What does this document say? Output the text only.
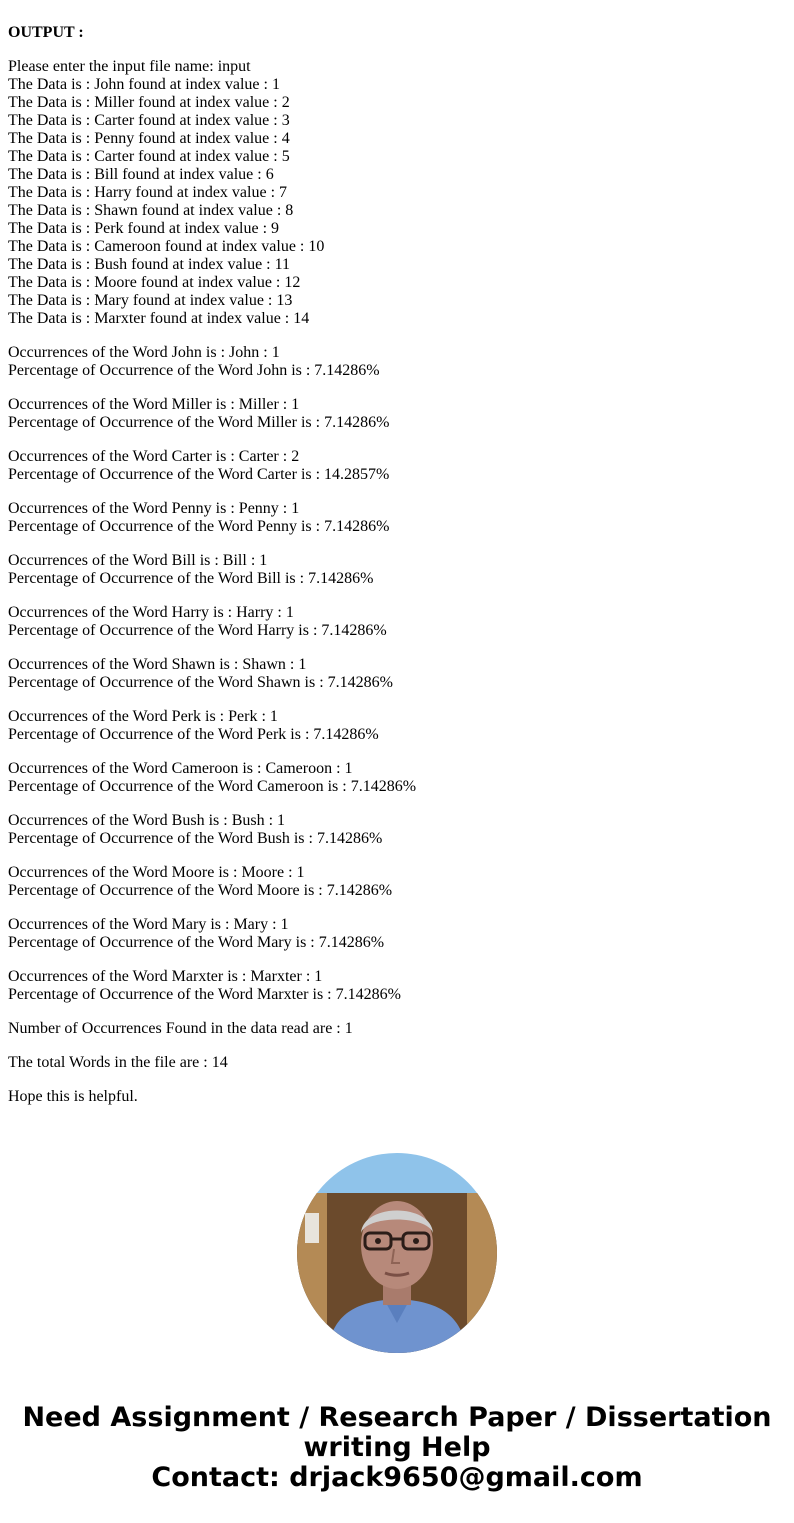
OUTPUT :
Please enter the input file name: input
The Data is : John found at index value : 1
The Data is : Miller found at index value : 2
The Data is : Carter found at index value : 3
The Data is : Penny found at index value : 4
The Data is : Carter found at index value : 5
The Data is : Bill found at index value : 6
The Data is : Harry found at index value : 7
The Data is : Shawn found at index value : 8
The Data is : Perk found at index value : 9
The Data is : Cameroon found at index value : 10
The Data is : Bush found at index value : 11
The Data is : Moore found at index value : 12
The Data is : Mary found at index value : 13
The Data is : Marxter found at index value : 14
Occurrences of the Word John is : John : 1
Percentage of Occurrence of the Word John is : 7.14286%
Occurrences of the Word Miller is : Miller : 1
Percentage of Occurrence of the Word Miller is : 7.14286%
Occurrences of the Word Carter is : Carter : 2
Percentage of Occurrence of the Word Carter is : 14.2857%
Occurrences of the Word Penny is : Penny : 1
Percentage of Occurrence of the Word Penny is : 7.14286%
Occurrences of the Word Bill is : Bill : 1
Percentage of Occurrence of the Word Bill is : 7.14286%
Occurrences of the Word Harry is : Harry : 1
Percentage of Occurrence of the Word Harry is : 7.14286%
Occurrences of the Word Shawn is : Shawn : 1
Percentage of Occurrence of the Word Shawn is : 7.14286%
Occurrences of the Word Perk is : Perk : 1
Percentage of Occurrence of the Word Perk is : 7.14286%
Occurrences of the Word Cameroon is : Cameroon : 1
Percentage of Occurrence of the Word Cameroon is : 7.14286%
Occurrences of the Word Bush is : Bush : 1
Percentage of Occurrence of the Word Bush is : 7.14286%
Occurrences of the Word Moore is : Moore : 1
Percentage of Occurrence of the Word Moore is : 7.14286%
Occurrences of the Word Mary is : Mary : 1
Percentage of Occurrence of the Word Mary is : 7.14286%
Occurrences of the Word Marxter is : Marxter : 1
Percentage of Occurrence of the Word Marxter is : 7.14286%
Number of Occurrences Found in the data read are : 1
The total Words in the file are : 14
Hope this is helpful.
Need Assignment / Research Paper / Dissertation
writing Help
Contact: drjack9650@gmail.com
